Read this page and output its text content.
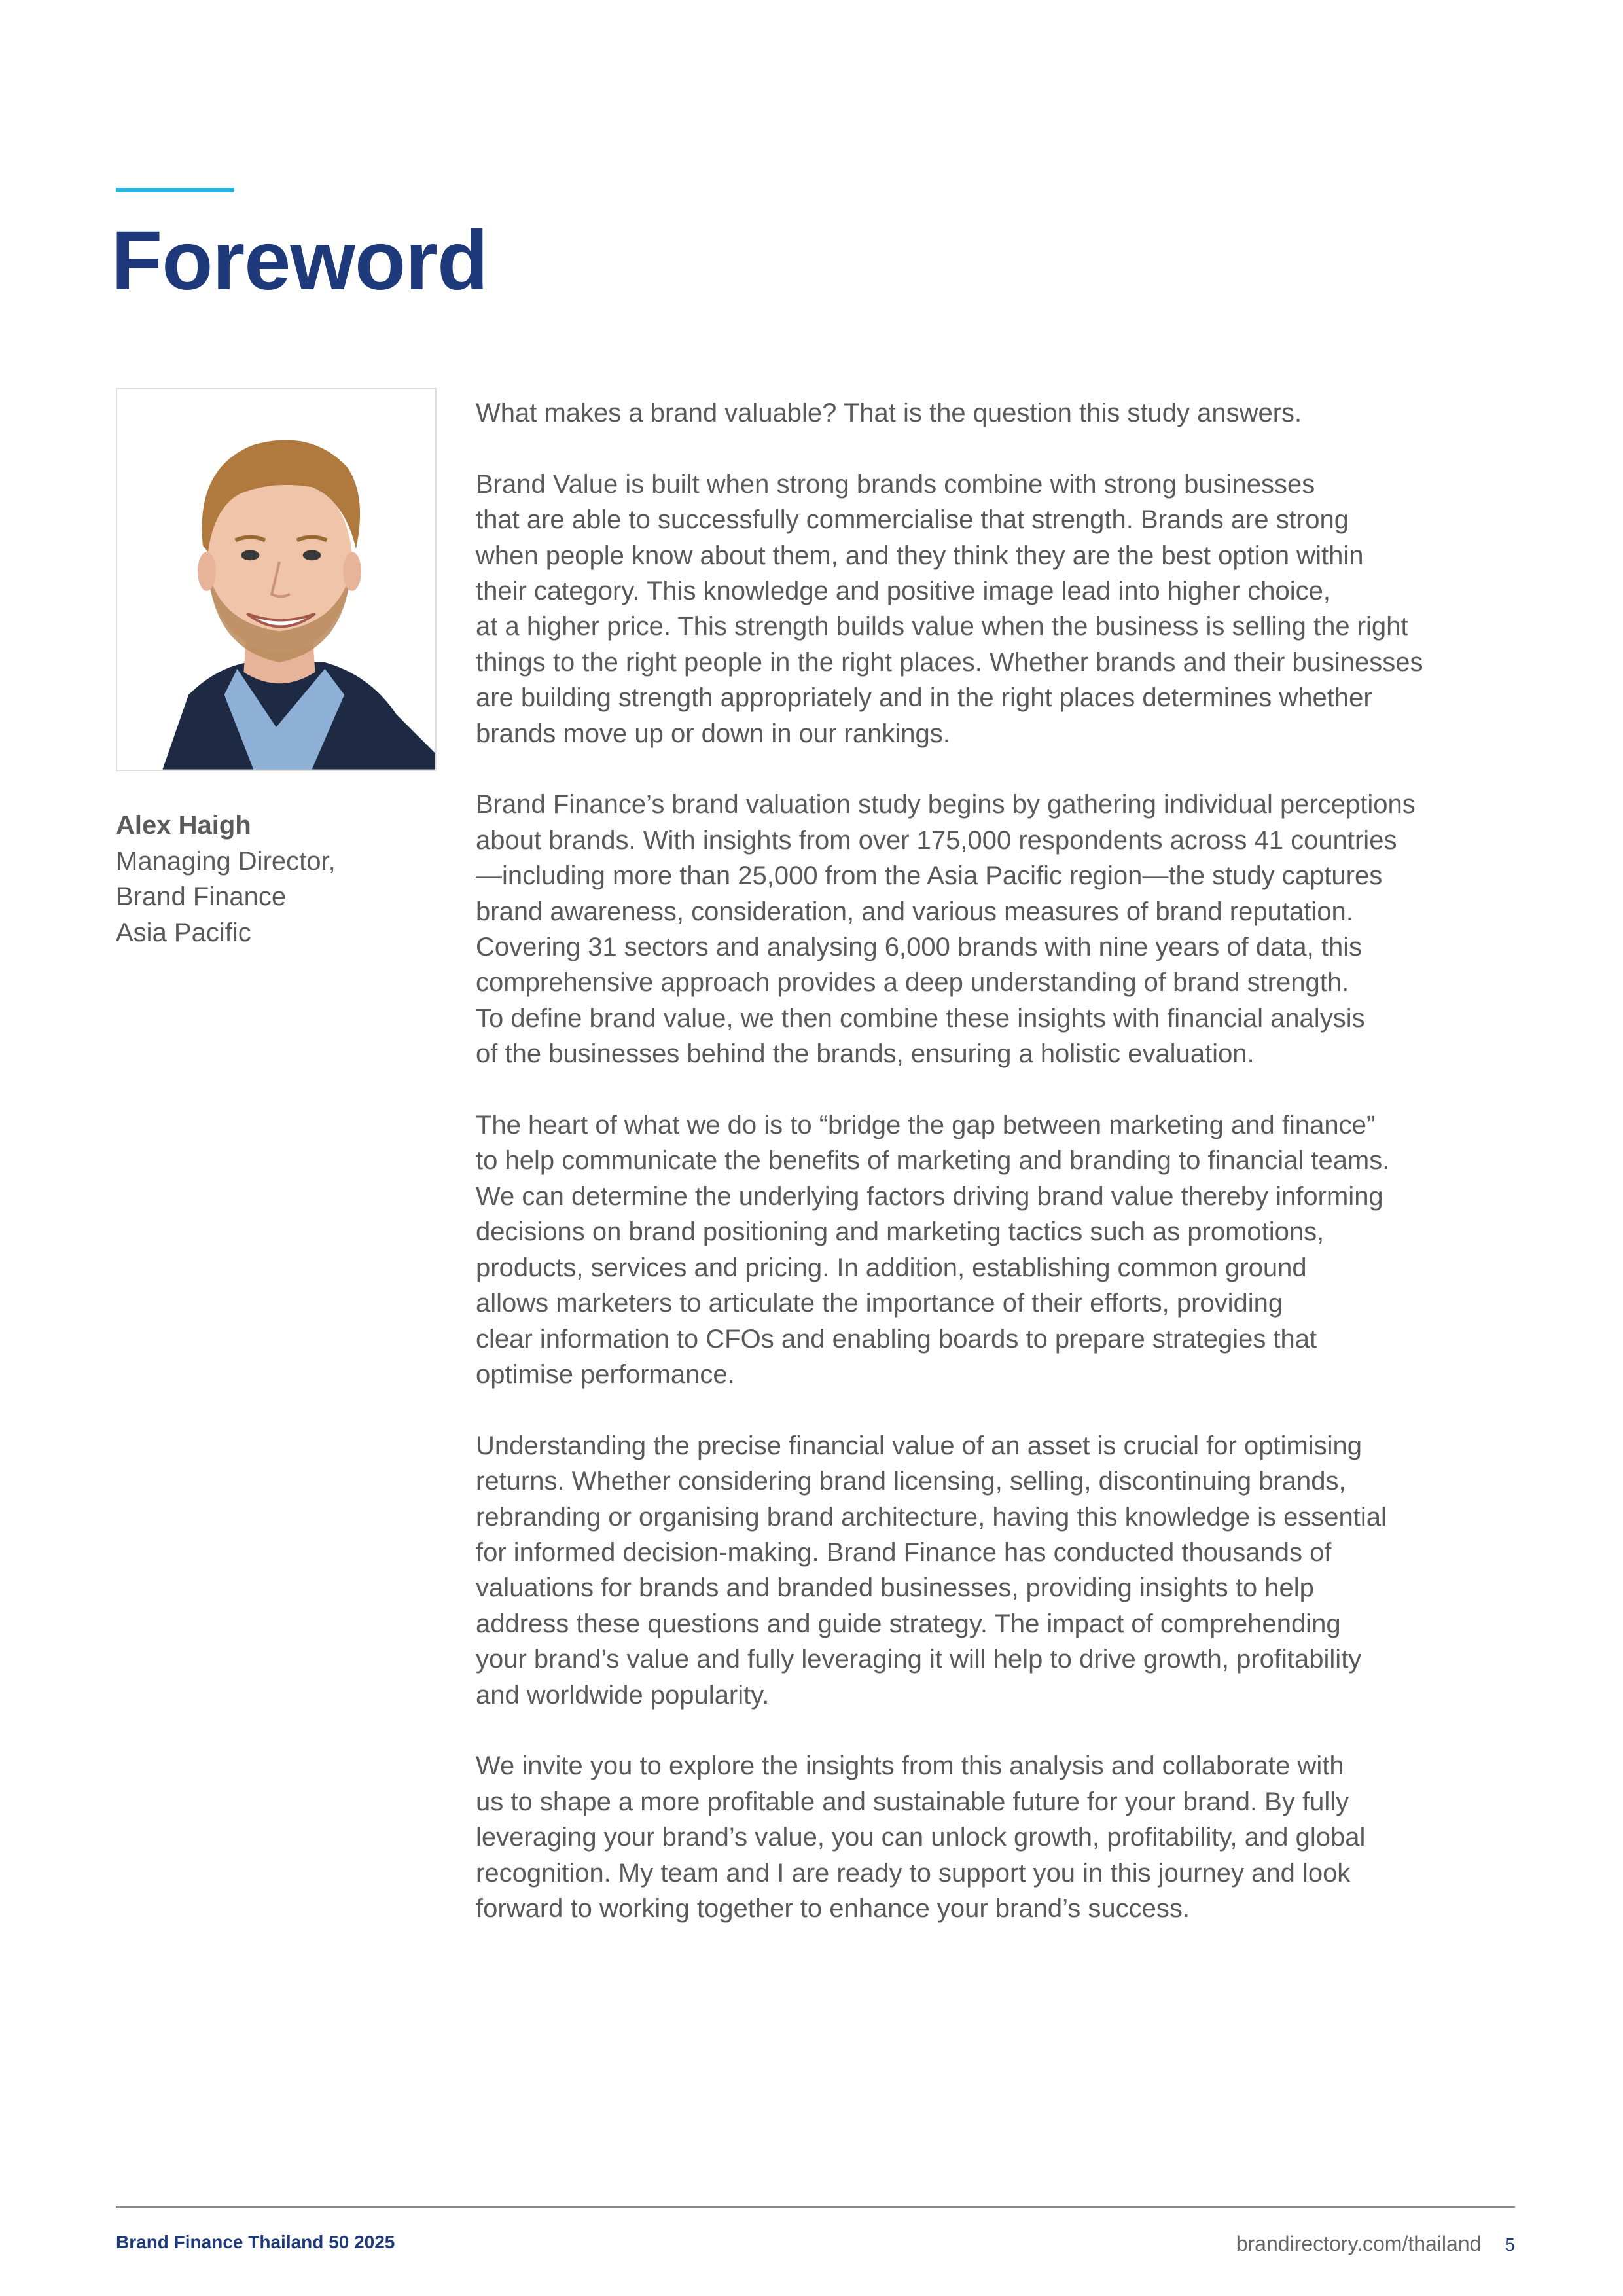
Foreword
Alex Haigh
Managing Director,
Brand Finance
Asia Pacific

What makes a brand valuable? That is the question this study answers.

Brand Value is built when strong brands combine with strong businesses
that are able to successfully commercialise that strength. Brands are strong
when people know about them, and they think they are the best option within
their category. This knowledge and positive image lead into higher choice,
at a higher price. This strength builds value when the business is selling the right
things to the right people in the right places. Whether brands and their businesses
are building strength appropriately and in the right places determines whether
brands move up or down in our rankings.

Brand Finance’s brand valuation study begins by gathering individual perceptions
about brands. With insights from over 175,000 respondents across 41 countries
—including more than 25,000 from the Asia Pacific region—the study captures
brand awareness, consideration, and various measures of brand reputation.
Covering 31 sectors and analysing 6,000 brands with nine years of data, this
comprehensive approach provides a deep understanding of brand strength.
To define brand value, we then combine these insights with financial analysis
of the businesses behind the brands, ensuring a holistic evaluation.

The heart of what we do is to “bridge the gap between marketing and finance”
to help communicate the benefits of marketing and branding to financial teams.
We can determine the underlying factors driving brand value thereby informing
decisions on brand positioning and marketing tactics such as promotions,
products, services and pricing. In addition, establishing common ground
allows marketers to articulate the importance of their efforts, providing
clear information to CFOs and enabling boards to prepare strategies that
optimise performance.

Understanding the precise financial value of an asset is crucial for optimising
returns. Whether considering brand licensing, selling, discontinuing brands,
rebranding or organising brand architecture, having this knowledge is essential
for informed decision-making. Brand Finance has conducted thousands of
valuations for brands and branded businesses, providing insights to help
address these questions and guide strategy. The impact of comprehending
your brand’s value and fully leveraging it will help to drive growth, profitability
and worldwide popularity.

We invite you to explore the insights from this analysis and collaborate with
us to shape a more profitable and sustainable future for your brand. By fully
leveraging your brand’s value, you can unlock growth, profitability, and global
recognition. My team and I are ready to support you in this journey and look
forward to working together to enhance your brand’s success.

Brand Finance Thailand 50 2025	brandirectory.com/thailand 5
